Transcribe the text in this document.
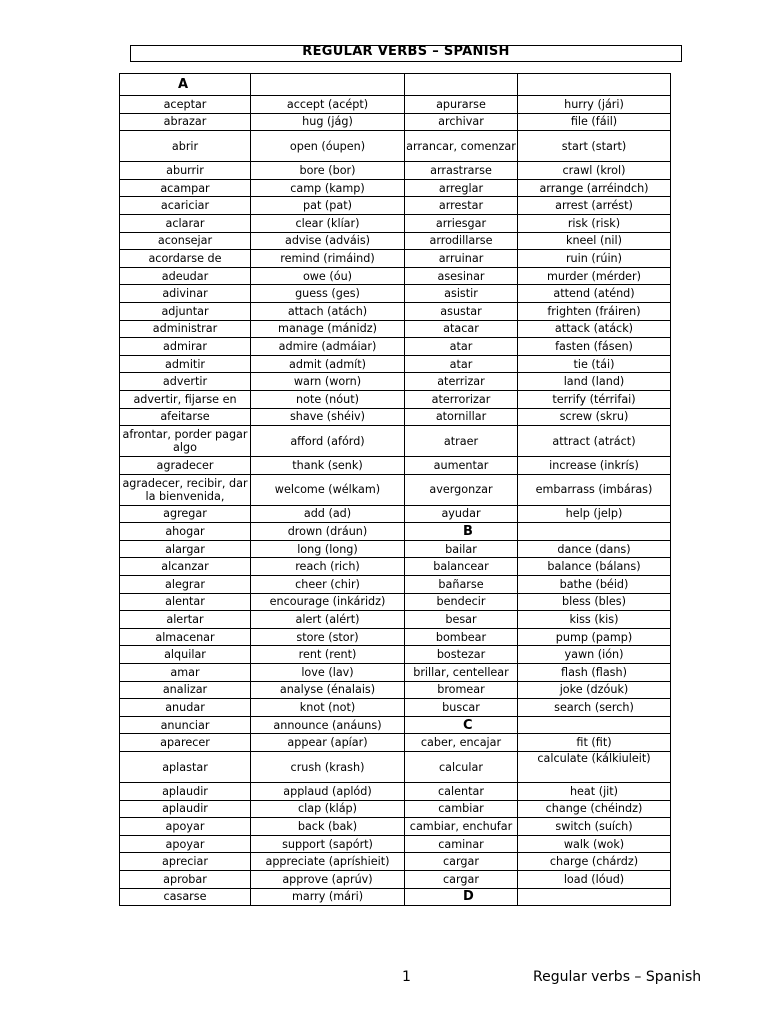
REGULAR VERBS – SPANISH
A			
aceptar	accept (acépt)	apurarse	hurry (jári)
abrazar	hug (jág)	archivar	file (fáil)
abrir	open (óupen)	arrancar, comenzar	start (start)
aburrir	bore (bor)	arrastrarse	crawl (krol)
acampar	camp (kamp)	arreglar	arrange (arréindch)
acariciar	pat (pat)	arrestar	arrest (arrést)
aclarar	clear (klíar)	arriesgar	risk (risk)
aconsejar	advise (adváis)	arrodillarse	kneel (nil)
acordarse de	remind (rimáind)	arruinar	ruin (rúin)
adeudar	owe (óu)	asesinar	murder (mérder)
adivinar	guess (ges)	asistir	attend (aténd)
adjuntar	attach (atách)	asustar	frighten (fráiren)
administrar	manage (mánidz)	atacar	attack (atáck)
admirar	admire (admáiar)	atar	fasten (fásen)
admitir	admit (admít)	atar	tie (tái)
advertir	warn (worn)	aterrizar	land (land)
advertir, fijarse en	note (nóut)	aterrorizar	terrify (térrifai)
afeitarse	shave (shéiv)	atornillar	screw (skru)
afrontar, porder pagar algo	afford (afórd)	atraer	attract (atráct)
agradecer	thank (senk)	aumentar	increase (inkrís)
agradecer, recibir, dar la bienvenida,	welcome (wélkam)	avergonzar	embarrass (imbáras)
agregar	add (ad)	ayudar	help (jelp)
ahogar	drown (dráun)	B	
alargar	long (long)	bailar	dance (dans)
alcanzar	reach (rich)	balancear	balance (bálans)
alegrar	cheer (chir)	bañarse	bathe (béid)
alentar	encourage (inkáridz)	bendecir	bless (bles)
alertar	alert (alért)	besar	kiss (kis)
almacenar	store (stor)	bombear	pump (pamp)
alquilar	rent (rent)	bostezar	yawn (ión)
amar	love (lav)	brillar, centellear	flash (flash)
analizar	analyse (énalais)	bromear	joke (dzóuk)
anudar	knot (not)	buscar	search (serch)
anunciar	announce (anáuns)	C	
aparecer	appear (apíar)	caber, encajar	fit (fit)
aplastar	crush (krash)	calcular	calculate (kálkiuleit)
aplaudir	applaud (aplód)	calentar	heat (jit)
aplaudir	clap (kláp)	cambiar	change (chéindz)
apoyar	back (bak)	cambiar, enchufar	switch (suích)
apoyar	support (sapórt)	caminar	walk (wok)
apreciar	appreciate (apríshieit)	cargar	charge (chárdz)
aprobar	approve (aprúv)	cargar	load (lóud)
casarse	marry (mári)	D	
1	Regular verbs – Spanish
